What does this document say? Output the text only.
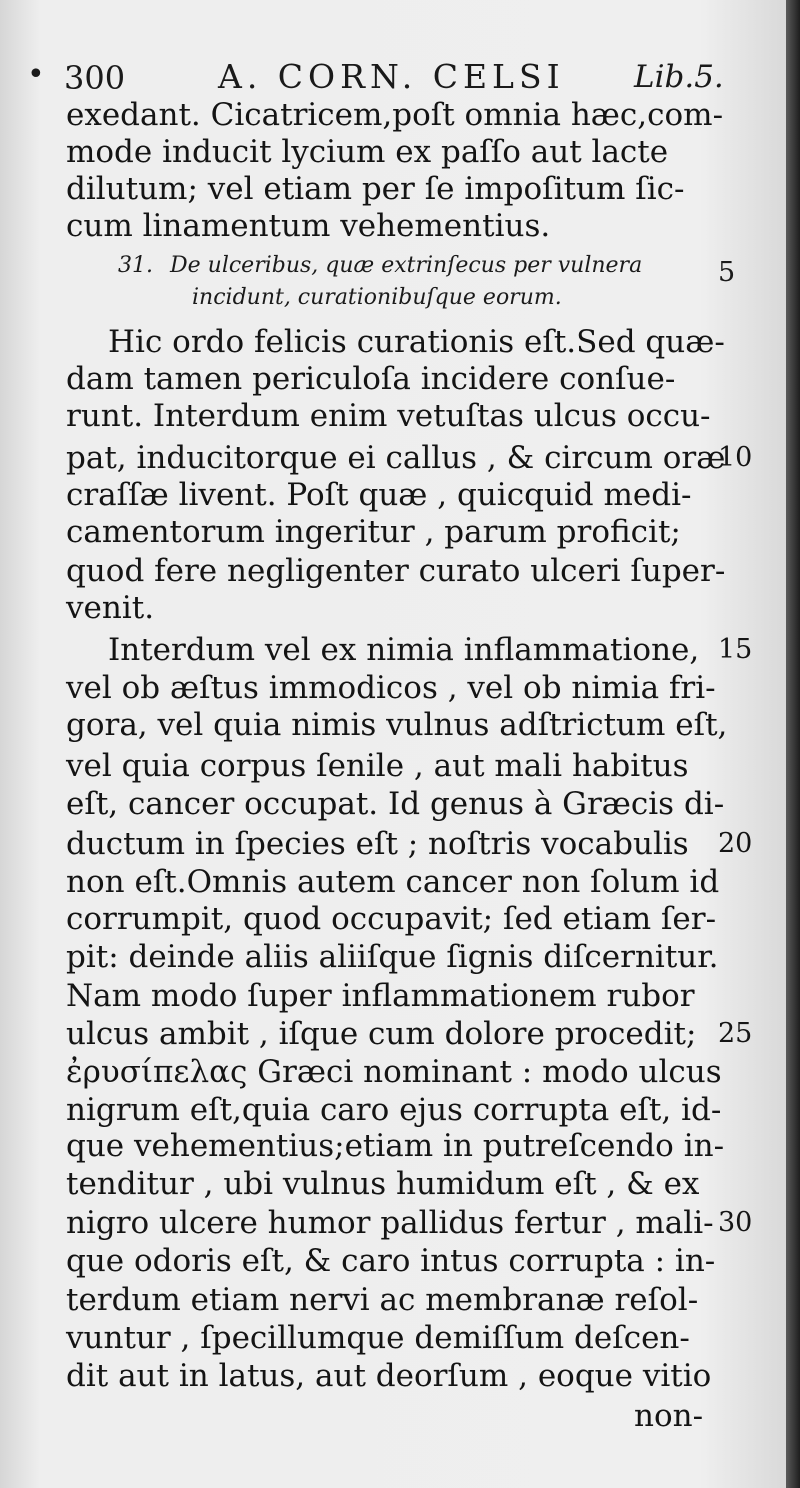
• 300	A. CORN. CELSI Lib.5.
exedant. Cicatricem,poſt omnia hæc,com-
mode inducit lycium ex paſſo aut lacte
dilutum; vel etiam per ſe impoſitum ſic-
cum linamentum vehementius.
31. De ulceribus, quæ extrinſecus per vulnera	5
incidunt, curationibuſque eorum.
Hic ordo felicis curationis eſt.Sed quæ-
dam tamen periculoſa incidere conſue-
runt. Interdum enim vetuſtas ulcus occu-
pat, inducitorque ei callus , & circum oræ
10
craſſæ livent. Poſt quæ , quicquid medi-
camentorum ingeritur , parum proficit;
quod fere negligenter curato ulceri ſuper-
venit.
Interdum vel ex nimia inflammatione, 15
vel ob æſtus immodicos , vel ob nimia fri-
gora, vel quia nimis vulnus adſtrictum eſt,
vel quia corpus ſenile , aut mali habitus
eſt, cancer occupat. Id genus à Græcis di-
ductum in ſpecies eſt ; noſtris vocabulis 20
non eſt.Omnis autem cancer non ſolum id
corrumpit, quod occupavit; ſed etiam ſer-
pit: deinde aliis aliiſque ſignis diſcernitur.
Nam modo ſuper inflammationem rubor
ulcus ambit , iſque cum dolore procedit; 25
ἐρυσίπελας Græci nominant : modo ulcus
nigrum eſt,quia caro ejus corrupta eſt, id-
que vehementius;etiam in putreſcendo in-
tenditur , ubi vulnus humidum eſt , & ex
nigro ulcere humor pallidus fertur , mali- 30
que odoris eſt, & caro intus corrupta : in-
terdum etiam nervi ac membranæ reſol-
vuntur , ſpecillumque demiſſum deſcen-
dit aut in latus, aut deorſum , eoque vitio
non-
